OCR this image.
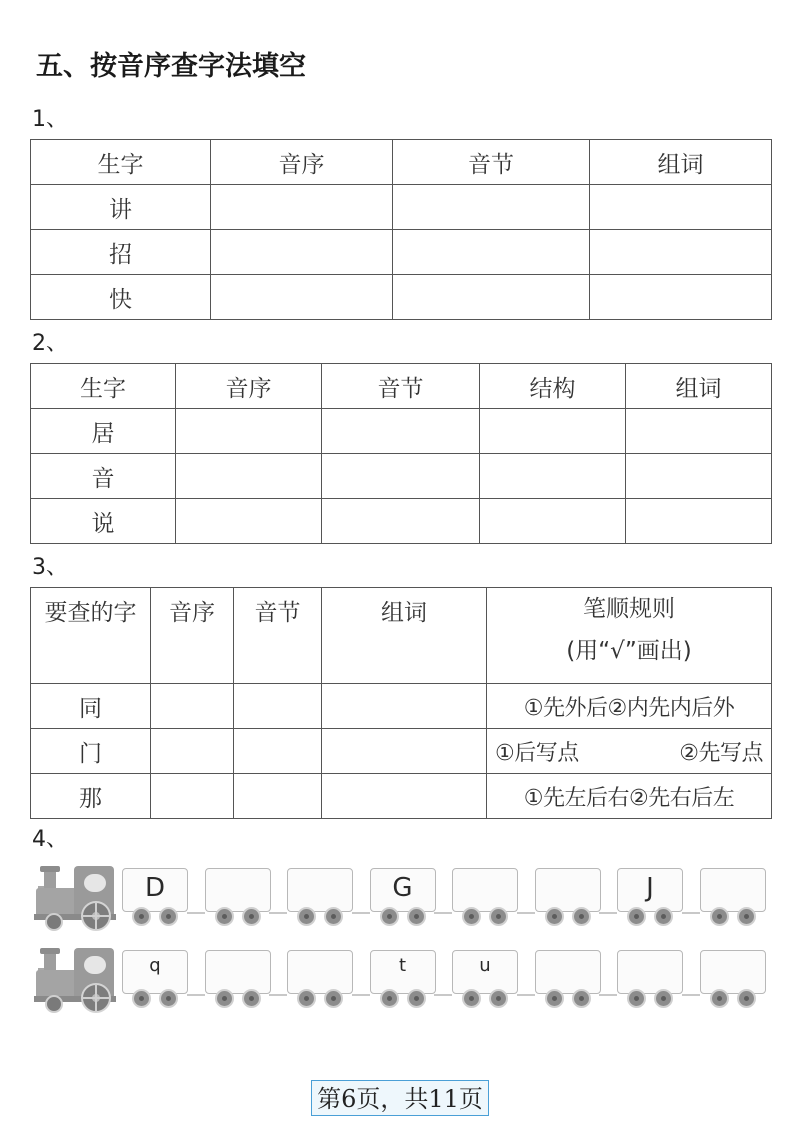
五、按音序查字法填空
1、
生字	音序	音节	组词
讲			
招			
快			
2、
生字	音序	音节	结构	组词
居				
音				
说				
3、
要查的字	音序	音节	组词	笔顺规则
(用“√”画出)

同				①先外后 ②内先内后外

门				①后写点 ②先写点

那				①先左后右 ②先右后左
4、
D	G	J
q	t	u
第6页，共11页
